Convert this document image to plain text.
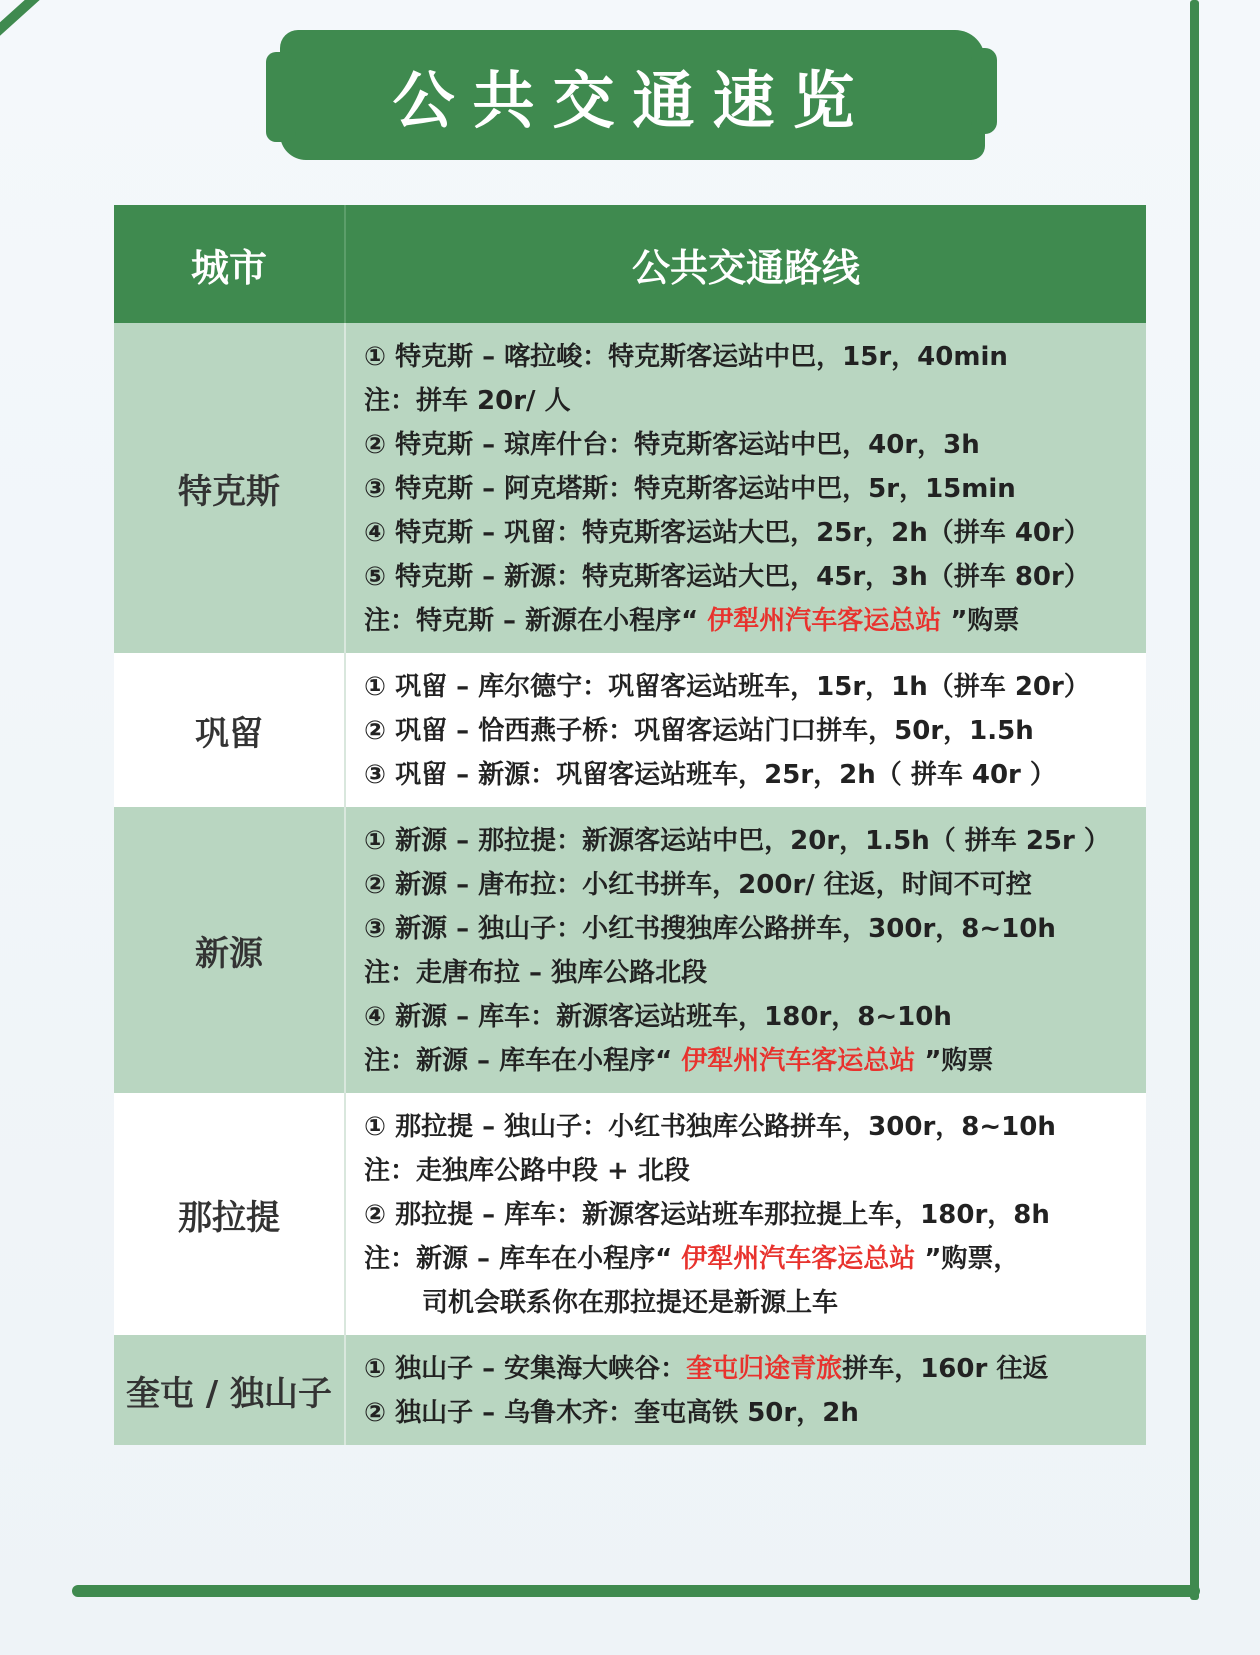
公共交通速览
城市	公共交通路线
特克斯
① 特克斯 – 喀拉峻：特克斯客运站中巴，15r，40min
注：拼车 20r/ 人
② 特克斯 – 琼库什台：特克斯客运站中巴，40r，3h
③ 特克斯 – 阿克塔斯：特克斯客运站中巴，5r，15min
④ 特克斯 – 巩留：特克斯客运站大巴，25r，2h（拼车 40r）
⑤ 特克斯 – 新源：特克斯客运站大巴，45r，3h（拼车 80r）
注：特克斯 – 新源在小程序“ 伊犁州汽车客运总站 ”购票
巩留
① 巩留 – 库尔德宁：巩留客运站班车，15r，1h（拼车 20r）
② 巩留 – 恰西燕子桥：巩留客运站门口拼车，50r，1.5h
③ 巩留 – 新源：巩留客运站班车，25r，2h（ 拼车 40r ）
新源
① 新源 – 那拉提：新源客运站中巴，20r，1.5h（ 拼车 25r ）
② 新源 – 唐布拉：小红书拼车，200r/ 往返，时间不可控
③ 新源 – 独山子：小红书搜独库公路拼车，300r，8~10h
注：走唐布拉 – 独库公路北段
④ 新源 – 库车：新源客运站班车，180r，8~10h
注：新源 – 库车在小程序“ 伊犁州汽车客运总站 ”购票
那拉提
① 那拉提 – 独山子：小红书独库公路拼车，300r，8~10h
注：走独库公路中段 + 北段
② 那拉提 – 库车：新源客运站班车那拉提上车，180r，8h
注：新源 – 库车在小程序“ 伊犁州汽车客运总站 ”购票，
司机会联系你在那拉提还是新源上车
奎屯 / 独山子
① 独山子 – 安集海大峡谷：奎屯归途青旅拼车，160r 往返
② 独山子 – 乌鲁木齐：奎屯高铁 50r，2h
